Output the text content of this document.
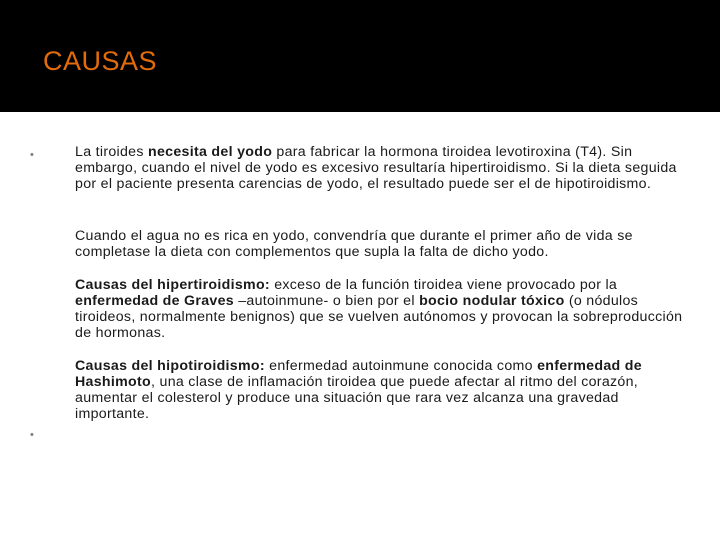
CAUSAS
•	La tiroides necesita del yodo para fabricar la hormona tiroidea levotiroxina (T4). Sin embargo, cuando el nivel de yodo es excesivo resultaría hipertiroidismo. Si la dieta seguida por el paciente presenta carencias de yodo, el resultado puede ser el de hipotiroidismo.

Cuando el agua no es rica en yodo, convendría que durante el primer año de vida se completase la dieta con complementos que supla la falta de dicho yodo.

Causas del hipertiroidismo: exceso de la función tiroidea viene provocado por la enfermedad de Graves –autoinmune- o bien por el bocio nodular tóxico (o nódulos tiroideos, normalmente benignos) que se vuelven autónomos y provocan la sobreproducción de hormonas.

Causas del hipotiroidismo: enfermedad autoinmune conocida como enfermedad de Hashimoto, una clase de inflamación tiroidea que puede afectar al ritmo del corazón, aumentar el colesterol y produce una situación que rara vez alcanza una gravedad importante.

•
